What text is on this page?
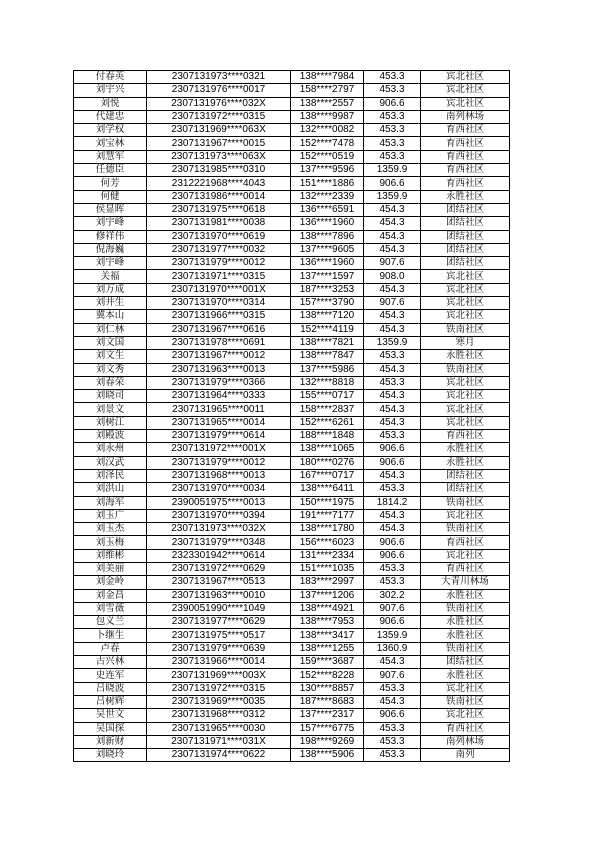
付春英	2307131973****0321	138****7984	453.3	宾北社区
刘宇兴	2307131976****0017	158****2797	453.3	宾北社区
刘悦	2307131976****032X	138****2557	906.6	宾北社区
代建忠	2307131972****0315	138****9987	453.3	南列林场
刘学权	2307131969****063X	132****0082	453.3	育西社区
刘宝林	2307131967****0015	152****7478	453.3	育西社区
刘慧军	2307131973****063X	152****0519	453.3	育西社区
任德臣	2307131985****0310	137****9596	1359.9	育西社区
何芳	2312221968****4043	151****1886	906.6	育西社区
何健	2307131986****0014	132****2339	1359.9	永胜社区
侯显晖	2307131975****0618	136****6591	454.3	团结社区
刘宇峰	2307131981****0038	136****1960	454.3	团结社区
修祥伟	2307131970****0619	138****7896	454.3	团结社区
倪海巍	2307131977****0032	137****9605	454.3	团结社区
刘宇峰	2307131979****0012	136****1960	907.6	团结社区
关福	2307131971****0315	137****1597	908.0	宾北社区
刘万成	2307131970****001X	187****3253	454.3	宾北社区
刘井生	2307131970****0314	157****3790	907.6	宾北社区
冀本山	2307131966****0315	138****7120	454.3	宾北社区
刘仁林	2307131967****0616	152****4119	454.3	铁南社区
刘文国	2307131978****0691	138****7821	1359.9	寒月
刘文生	2307131967****0012	138****7847	453.3	永胜社区
刘文秀	2307131963****0013	137****5986	454.3	铁南社区
刘春荣	2307131979****0366	132****8818	453.3	宾北社区
刘晓司	2307131964****0333	155****0717	454.3	宾北社区
刘景文	2307131965****0011	158****2837	454.3	宾北社区
刘树江	2307131965****0014	152****6261	454.3	宾北社区
刘殿波	2307131979****0614	188****1848	453.3	育西社区
刘永州	2307131972****001X	138****1065	906.6	永胜社区
刘汉武	2307131979****0012	180****0276	906.6	永胜社区
刘泽民	2307131968****0013	167****0717	454.3	团结社区
刘洪山	2307131970****0034	138****6411	453.3	团结社区
刘海军	2390051975****0013	150****1975	1814.2	铁南社区
刘玉广	2307131970****0394	191****7177	454.3	宾北社区
刘玉杰	2307131973****032X	138****1780	454.3	铁南社区
刘玉梅	2307131979****0348	156****6023	906.6	育西社区
刘维彬	2323301942****0614	131****2334	906.6	宾北社区
刘美丽	2307131972****0629	151****1035	453.3	育西社区
刘金岭	2307131967****0513	183****2997	453.3	大青川林场
刘金昌	2307131963****0010	137****1206	302.2	永胜社区
刘雪薇	2390051990****1049	138****4921	907.6	铁南社区
包义兰	2307131977****0629	138****7953	906.6	永胜社区
卜继生	2307131975****0517	138****3417	1359.9	永胜社区
卢春	2307131979****0639	138****1255	1360.9	铁南社区
古兴林	2307131966****0014	159****3687	454.3	团结社区
史连军	2307131969****003X	152****8228	907.6	永胜社区
吕晓波	2307131972****0315	130****8857	453.3	宾北社区
吕树辉	2307131969****0035	187****8683	454.3	铁南社区
吴世文	2307131968****0312	137****2317	906.6	宾北社区
吴国探	2307131965****0030	157****6775	453.3	育西社区
刘新财	2307131971****031X	198****9269	453.3	南列林场
刘晓玲	2307131974****0622	138****5906	453.3	南列
